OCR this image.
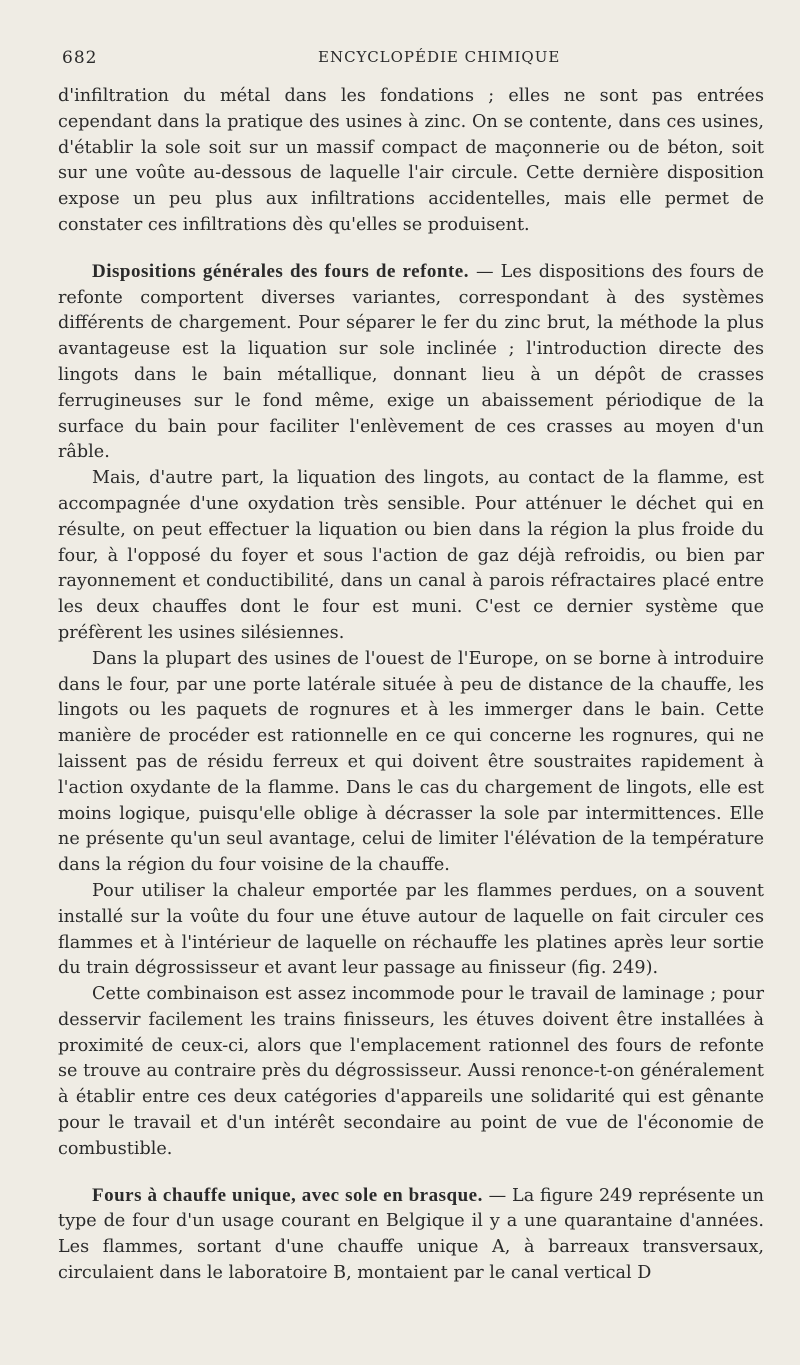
682	ENCYCLOPÉDIE CHIMIQUE

d'infiltration du métal dans les fondations ; elles ne sont pas entrées cependant dans la pratique des usines à zinc. On se contente, dans ces usines, d'établir la sole soit sur un massif compact de maçonnerie ou de béton, soit sur une voûte au-dessous de laquelle l'air circule. Cette dernière disposition expose un peu plus aux infiltrations accidentelles, mais elle permet de constater ces infiltrations dès qu'elles se produisent.

Dispositions générales des fours de refonte. — Les dispositions des fours de refonte comportent diverses variantes, correspondant à des systèmes différents de chargement. Pour séparer le fer du zinc brut, la méthode la plus avantageuse est la liquation sur sole inclinée ; l'introduction directe des lingots dans le bain métallique, donnant lieu à un dépôt de crasses ferrugineuses sur le fond même, exige un abaissement périodique de la surface du bain pour faciliter l'enlèvement de ces crasses au moyen d'un râble.

Mais, d'autre part, la liquation des lingots, au contact de la flamme, est accompagnée d'une oxydation très sensible. Pour atténuer le déchet qui en résulte, on peut effectuer la liquation ou bien dans la région la plus froide du four, à l'opposé du foyer et sous l'action de gaz déjà refroidis, ou bien par rayonnement et conductibilité, dans un canal à parois réfractaires placé entre les deux chauffes dont le four est muni. C'est ce dernier système que préfèrent les usines silésiennes.

Dans la plupart des usines de l'ouest de l'Europe, on se borne à introduire dans le four, par une porte latérale située à peu de distance de la chauffe, les lingots ou les paquets de rognures et à les immerger dans le bain. Cette manière de procéder est rationnelle en ce qui concerne les rognures, qui ne laissent pas de résidu ferreux et qui doivent être soustraites rapidement à l'action oxydante de la flamme. Dans le cas du chargement de lingots, elle est moins logique, puisqu'elle oblige à décrasser la sole par intermittences. Elle ne présente qu'un seul avantage, celui de limiter l'élévation de la température dans la région du four voisine de la chauffe.

Pour utiliser la chaleur emportée par les flammes perdues, on a souvent installé sur la voûte du four une étuve autour de laquelle on fait circuler ces flammes et à l'intérieur de laquelle on réchauffe les platines après leur sortie du train dégrossisseur et avant leur passage au finisseur (fig. 249).

Cette combinaison est assez incommode pour le travail de laminage ; pour desservir facilement les trains finisseurs, les étuves doivent être installées à proximité de ceux-ci, alors que l'emplacement rationnel des fours de refonte se trouve au contraire près du dégrossisseur. Aussi renonce-t-on généralement à établir entre ces deux catégories d'appareils une solidarité qui est gênante pour le travail et d'un intérêt secondaire au point de vue de l'économie de combustible.

Fours à chauffe unique, avec sole en brasque. — La figure 249 représente un type de four d'un usage courant en Belgique il y a une quarantaine d'années. Les flammes, sortant d'une chauffe unique A, à barreaux transversaux, circulaient dans le laboratoire B, montaient par le canal vertical D
